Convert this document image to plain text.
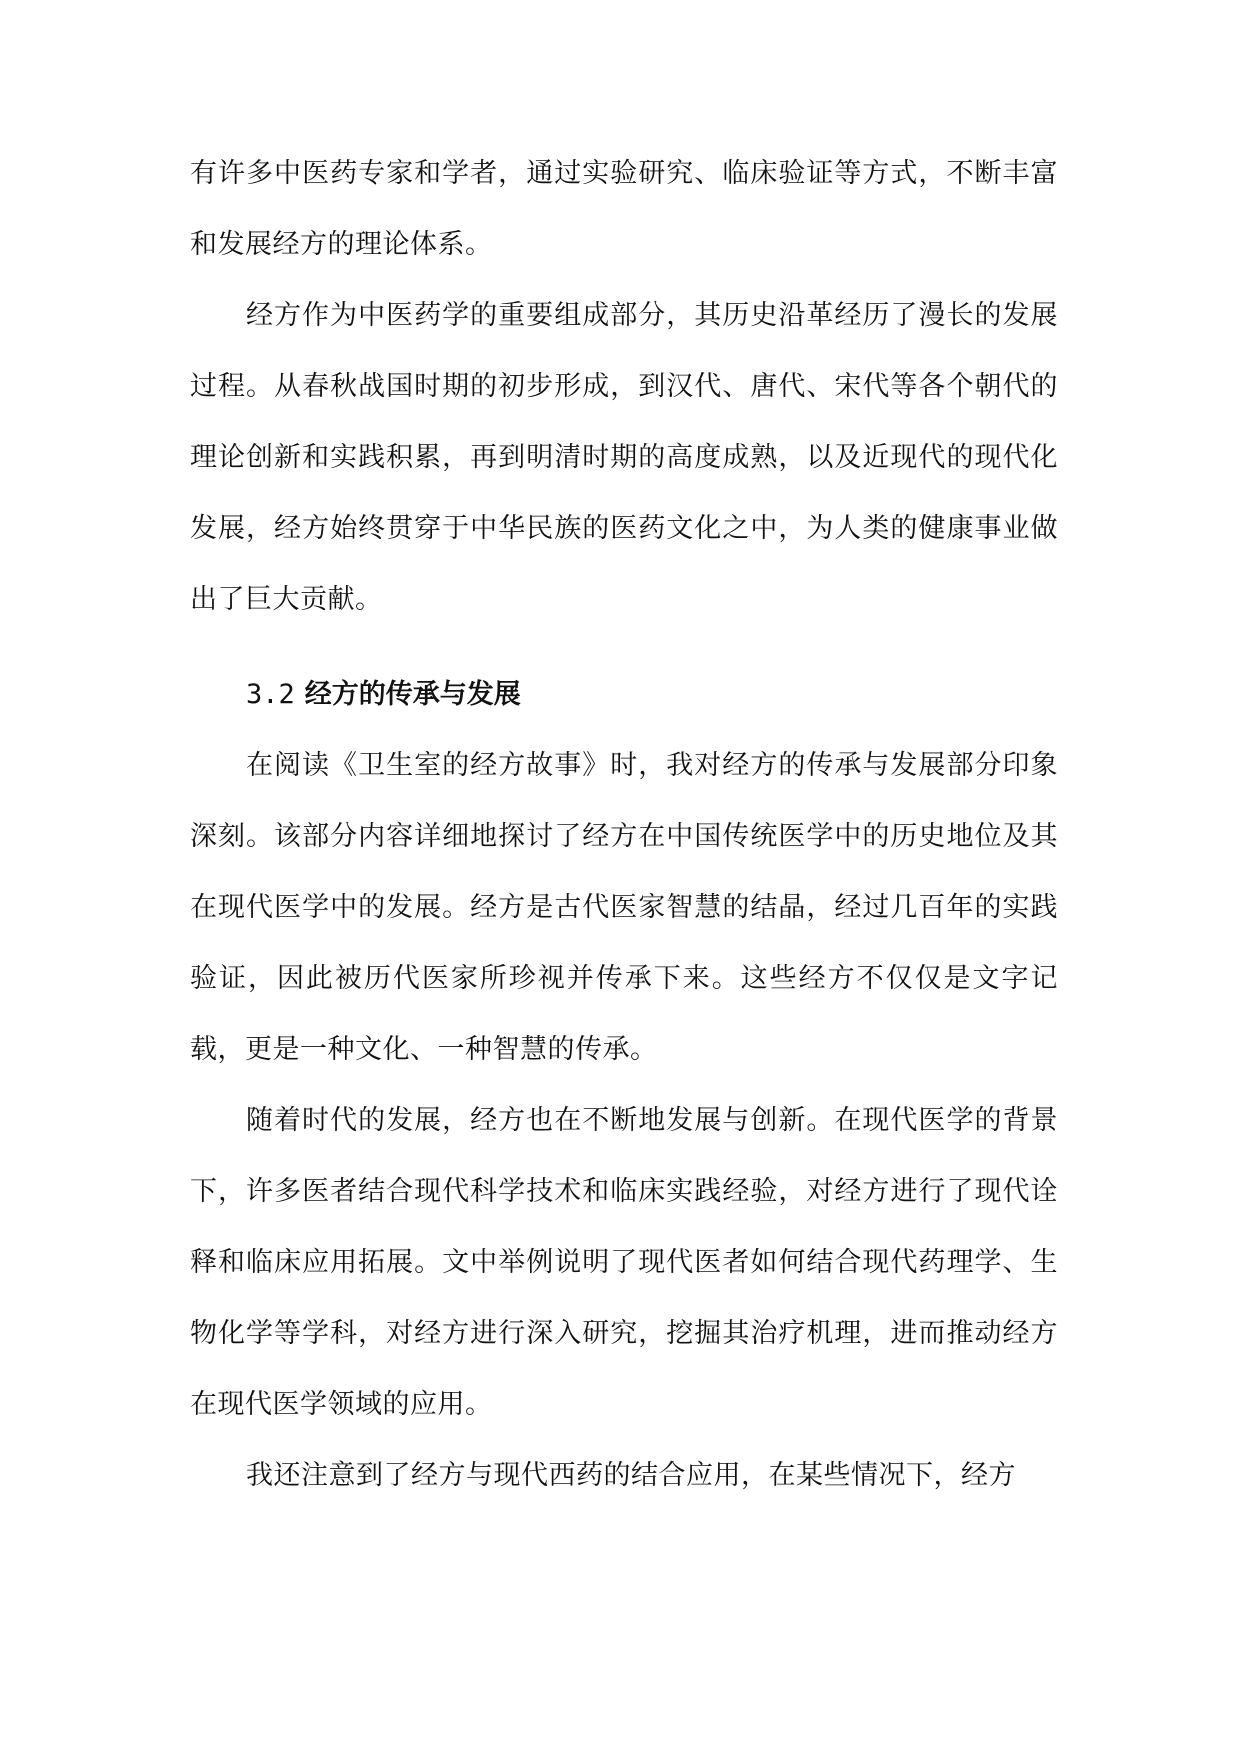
有许多中医药专家和学者，通过实验研究、临床验证等方式，不断丰富和发展经方的理论体系。

经方作为中医药学的重要组成部分，其历史沿革经历了漫长的发展过程。从春秋战国时期的初步形成，到汉代、唐代、宋代等各个朝代的理论创新和实践积累，再到明清时期的高度成熟，以及近现代的现代化发展，经方始终贯穿于中华民族的医药文化之中，为人类的健康事业做出了巨大贡献。

3.2 经方的传承与发展

在阅读《卫生室的经方故事》时，我对经方的传承与发展部分印象深刻。该部分内容详细地探讨了经方在中国传统医学中的历史地位及其在现代医学中的发展。经方是古代医家智慧的结晶，经过几百年的实践验证，因此被历代医家所珍视并传承下来。这些经方不仅仅是文字记载，更是一种文化、一种智慧的传承。

随着时代的发展，经方也在不断地发展与创新。在现代医学的背景下，许多医者结合现代科学技术和临床实践经验，对经方进行了现代诠释和临床应用拓展。文中举例说明了现代医者如何结合现代药理学、生物化学等学科，对经方进行深入研究，挖掘其治疗机理，进而推动经方在现代医学领域的应用。

我还注意到了经方与现代西药的结合应用，在某些情况下，经方
